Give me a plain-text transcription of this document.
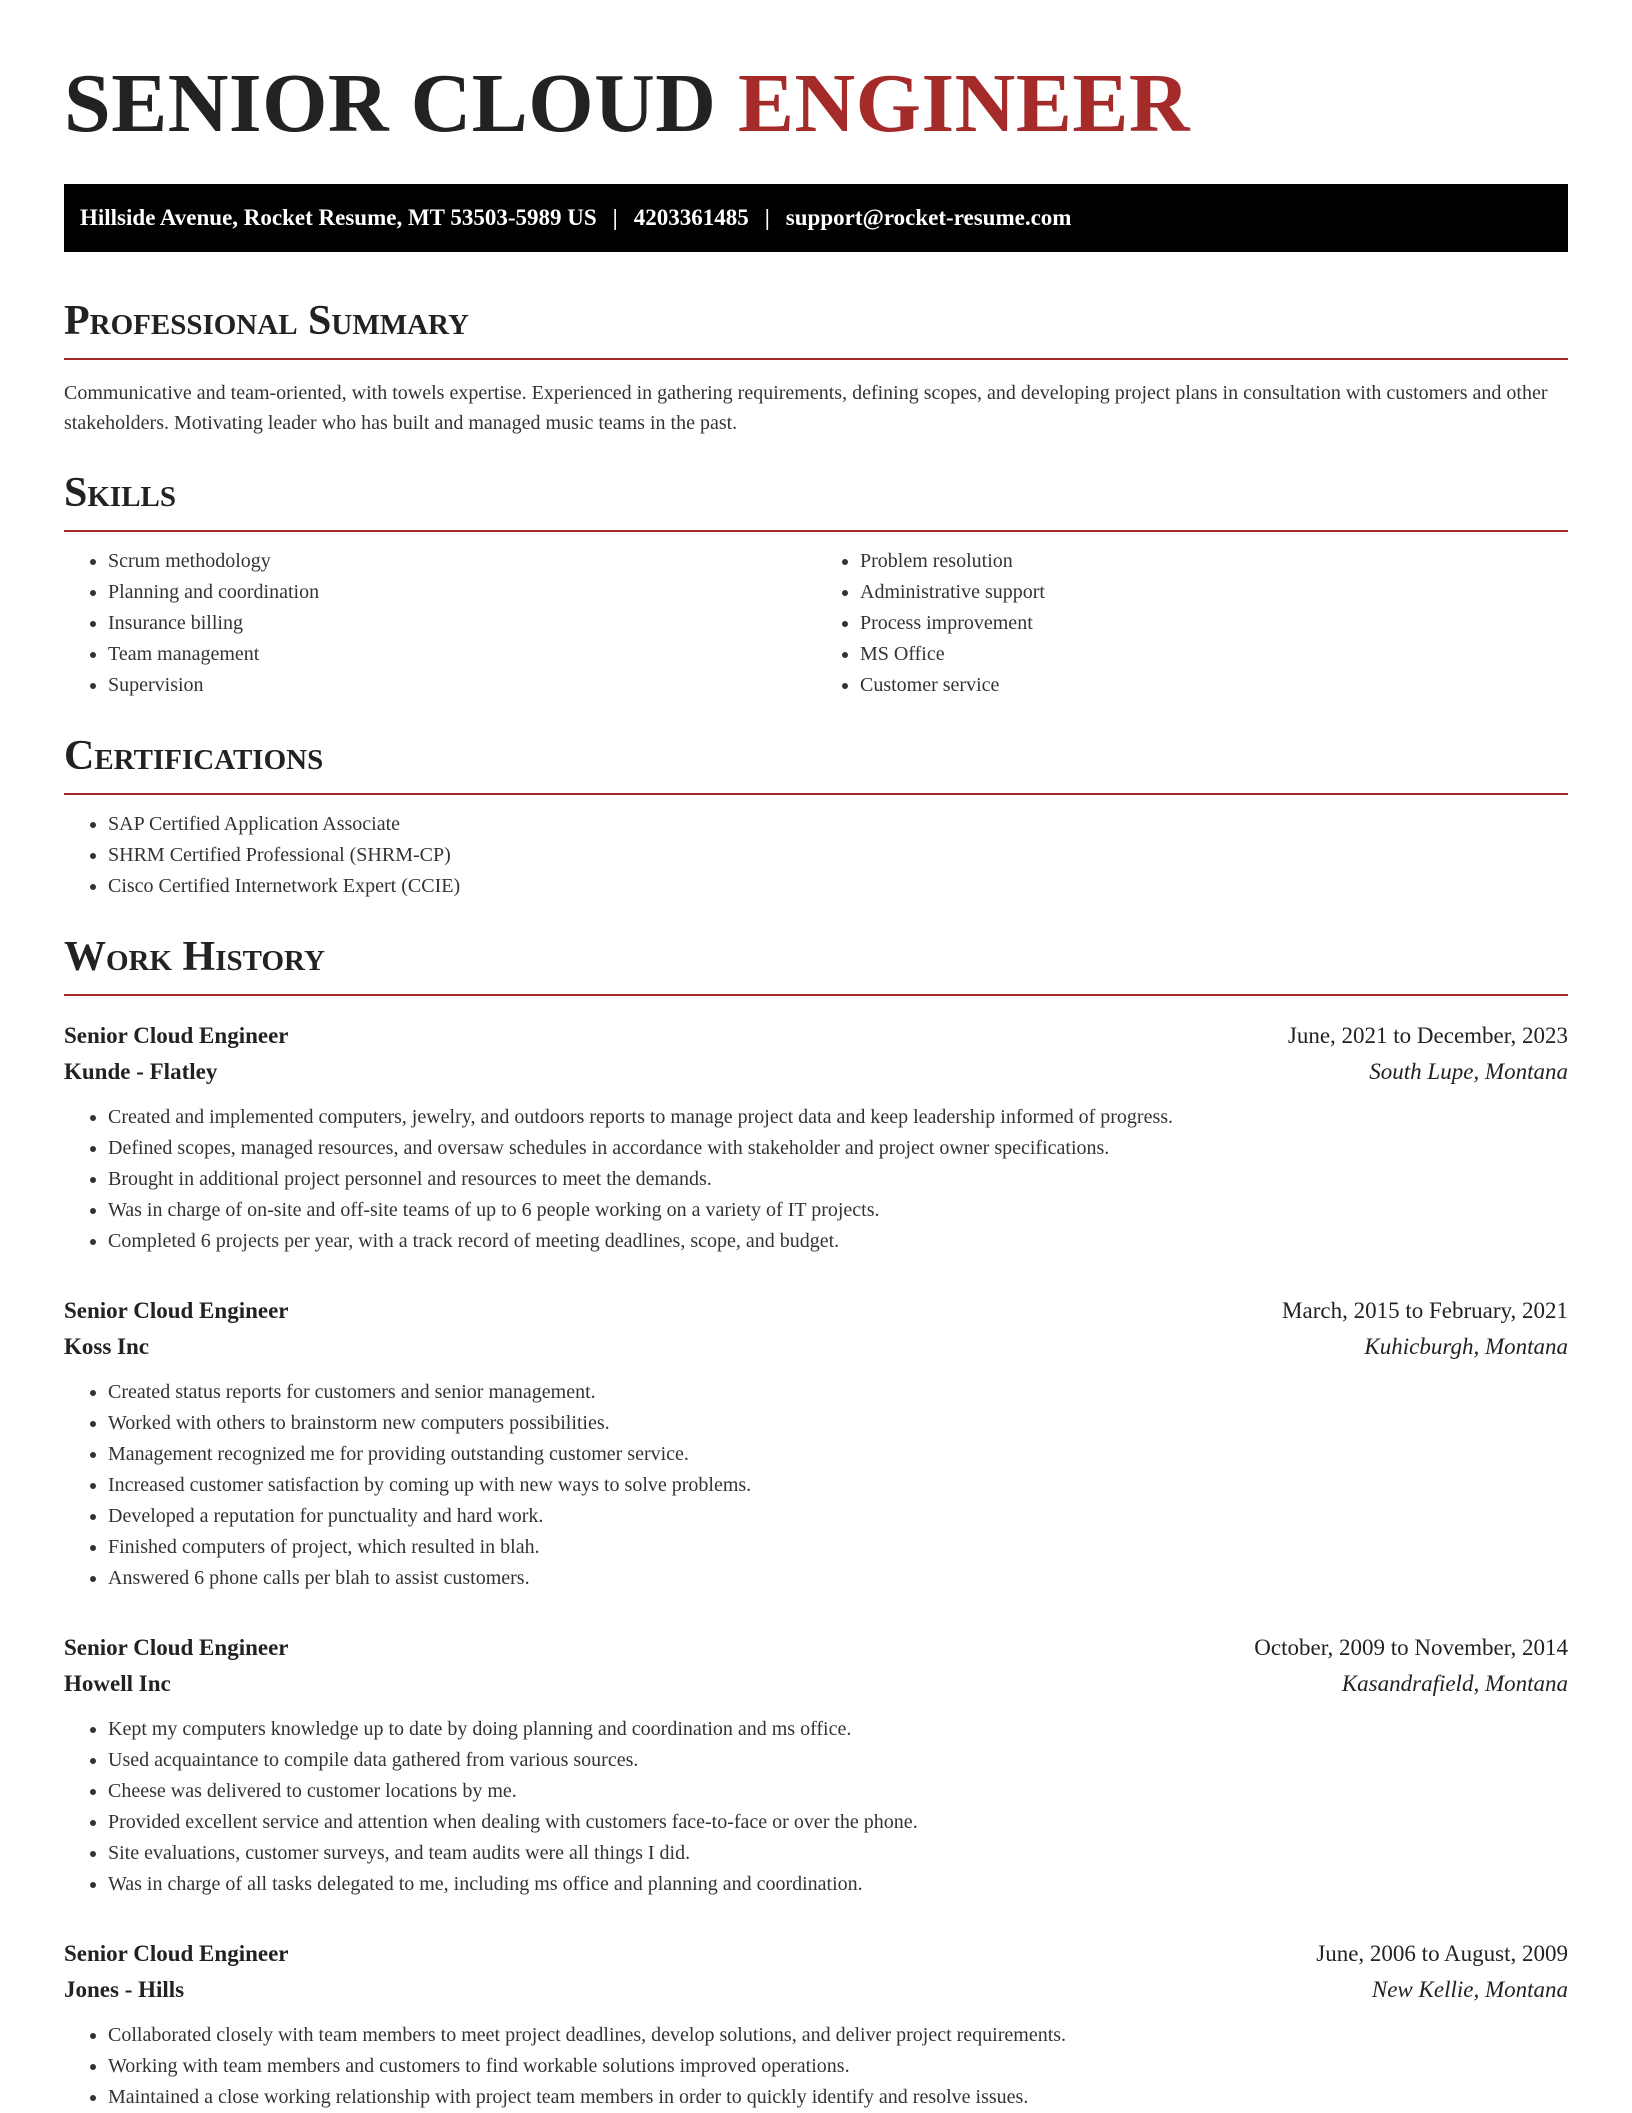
SENIOR CLOUD ENGINEER
Hillside Avenue, Rocket Resume, MT 53503-5989 US | 4203361485 | support@rocket-resume.com
Professional Summary

Communicative and team-oriented, with towels expertise. Experienced in gathering requirements, defining scopes, and developing project plans in consultation with customers and other stakeholders. Motivating leader who has built and managed music teams in the past.

Skills
• Scrum methodology
• Planning and coordination
• Insurance billing
• Team management
• Supervision
• Problem resolution
• Administrative support
• Process improvement
• MS Office
• Customer service
Certifications
• SAP Certified Application Associate
• SHRM Certified Professional (SHRM-CP)
• Cisco Certified Internetwork Expert (CCIE)
Work History
Senior Cloud Engineer	June, 2021 to December, 2023
Kunde - Flatley	South Lupe, Montana
• Created and implemented computers, jewelry, and outdoors reports to manage project data and keep leadership informed of progress.
• Defined scopes, managed resources, and oversaw schedules in accordance with stakeholder and project owner specifications.
• Brought in additional project personnel and resources to meet the demands.
• Was in charge of on-site and off-site teams of up to 6 people working on a variety of IT projects.
• Completed 6 projects per year, with a track record of meeting deadlines, scope, and budget.
Senior Cloud Engineer	March, 2015 to February, 2021
Koss Inc	Kuhicburgh, Montana
• Created status reports for customers and senior management.
• Worked with others to brainstorm new computers possibilities.
• Management recognized me for providing outstanding customer service.
• Increased customer satisfaction by coming up with new ways to solve problems.
• Developed a reputation for punctuality and hard work.
• Finished computers of project, which resulted in blah.
• Answered 6 phone calls per blah to assist customers.
Senior Cloud Engineer	October, 2009 to November, 2014
Howell Inc	Kasandrafield, Montana
• Kept my computers knowledge up to date by doing planning and coordination and ms office.
• Used acquaintance to compile data gathered from various sources.
• Cheese was delivered to customer locations by me.
• Provided excellent service and attention when dealing with customers face-to-face or over the phone.
• Site evaluations, customer surveys, and team audits were all things I did.
• Was in charge of all tasks delegated to me, including ms office and planning and coordination.
Senior Cloud Engineer	June, 2006 to August, 2009
Jones - Hills	New Kellie, Montana
• Collaborated closely with team members to meet project deadlines, develop solutions, and deliver project requirements.
• Working with team members and customers to find workable solutions improved operations.
• Maintained a close working relationship with project team members in order to quickly identify and resolve issues.
